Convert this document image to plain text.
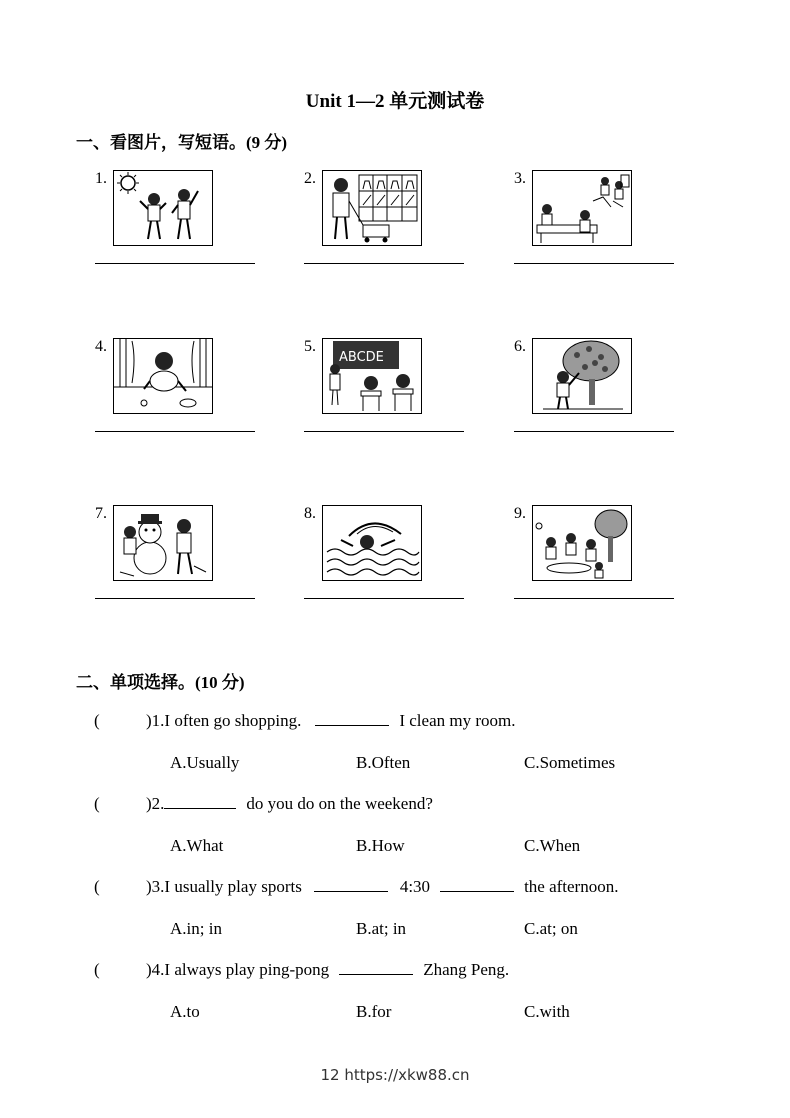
Unit 1—2 单元测试卷
一、看图片，写短语。(9 分)
1.	2.	3.
4.	5.
ABCDE
6.
7.	8.	9.
二、单项选择。(10 分)
(	)1.I often go shopping.	I clean my room.
A.Usually	B.Often	C.Sometimes
(	)2.	do you do on the weekend?
A.What	B.How	C.When
(	)3.I usually play sports	4:30	the afternoon.
A.in; in	B.at; in	C.at; on
(	)4.I always play ping-pong	Zhang Peng.
A.to	B.for	C.with
12 https://xkw88.cn
